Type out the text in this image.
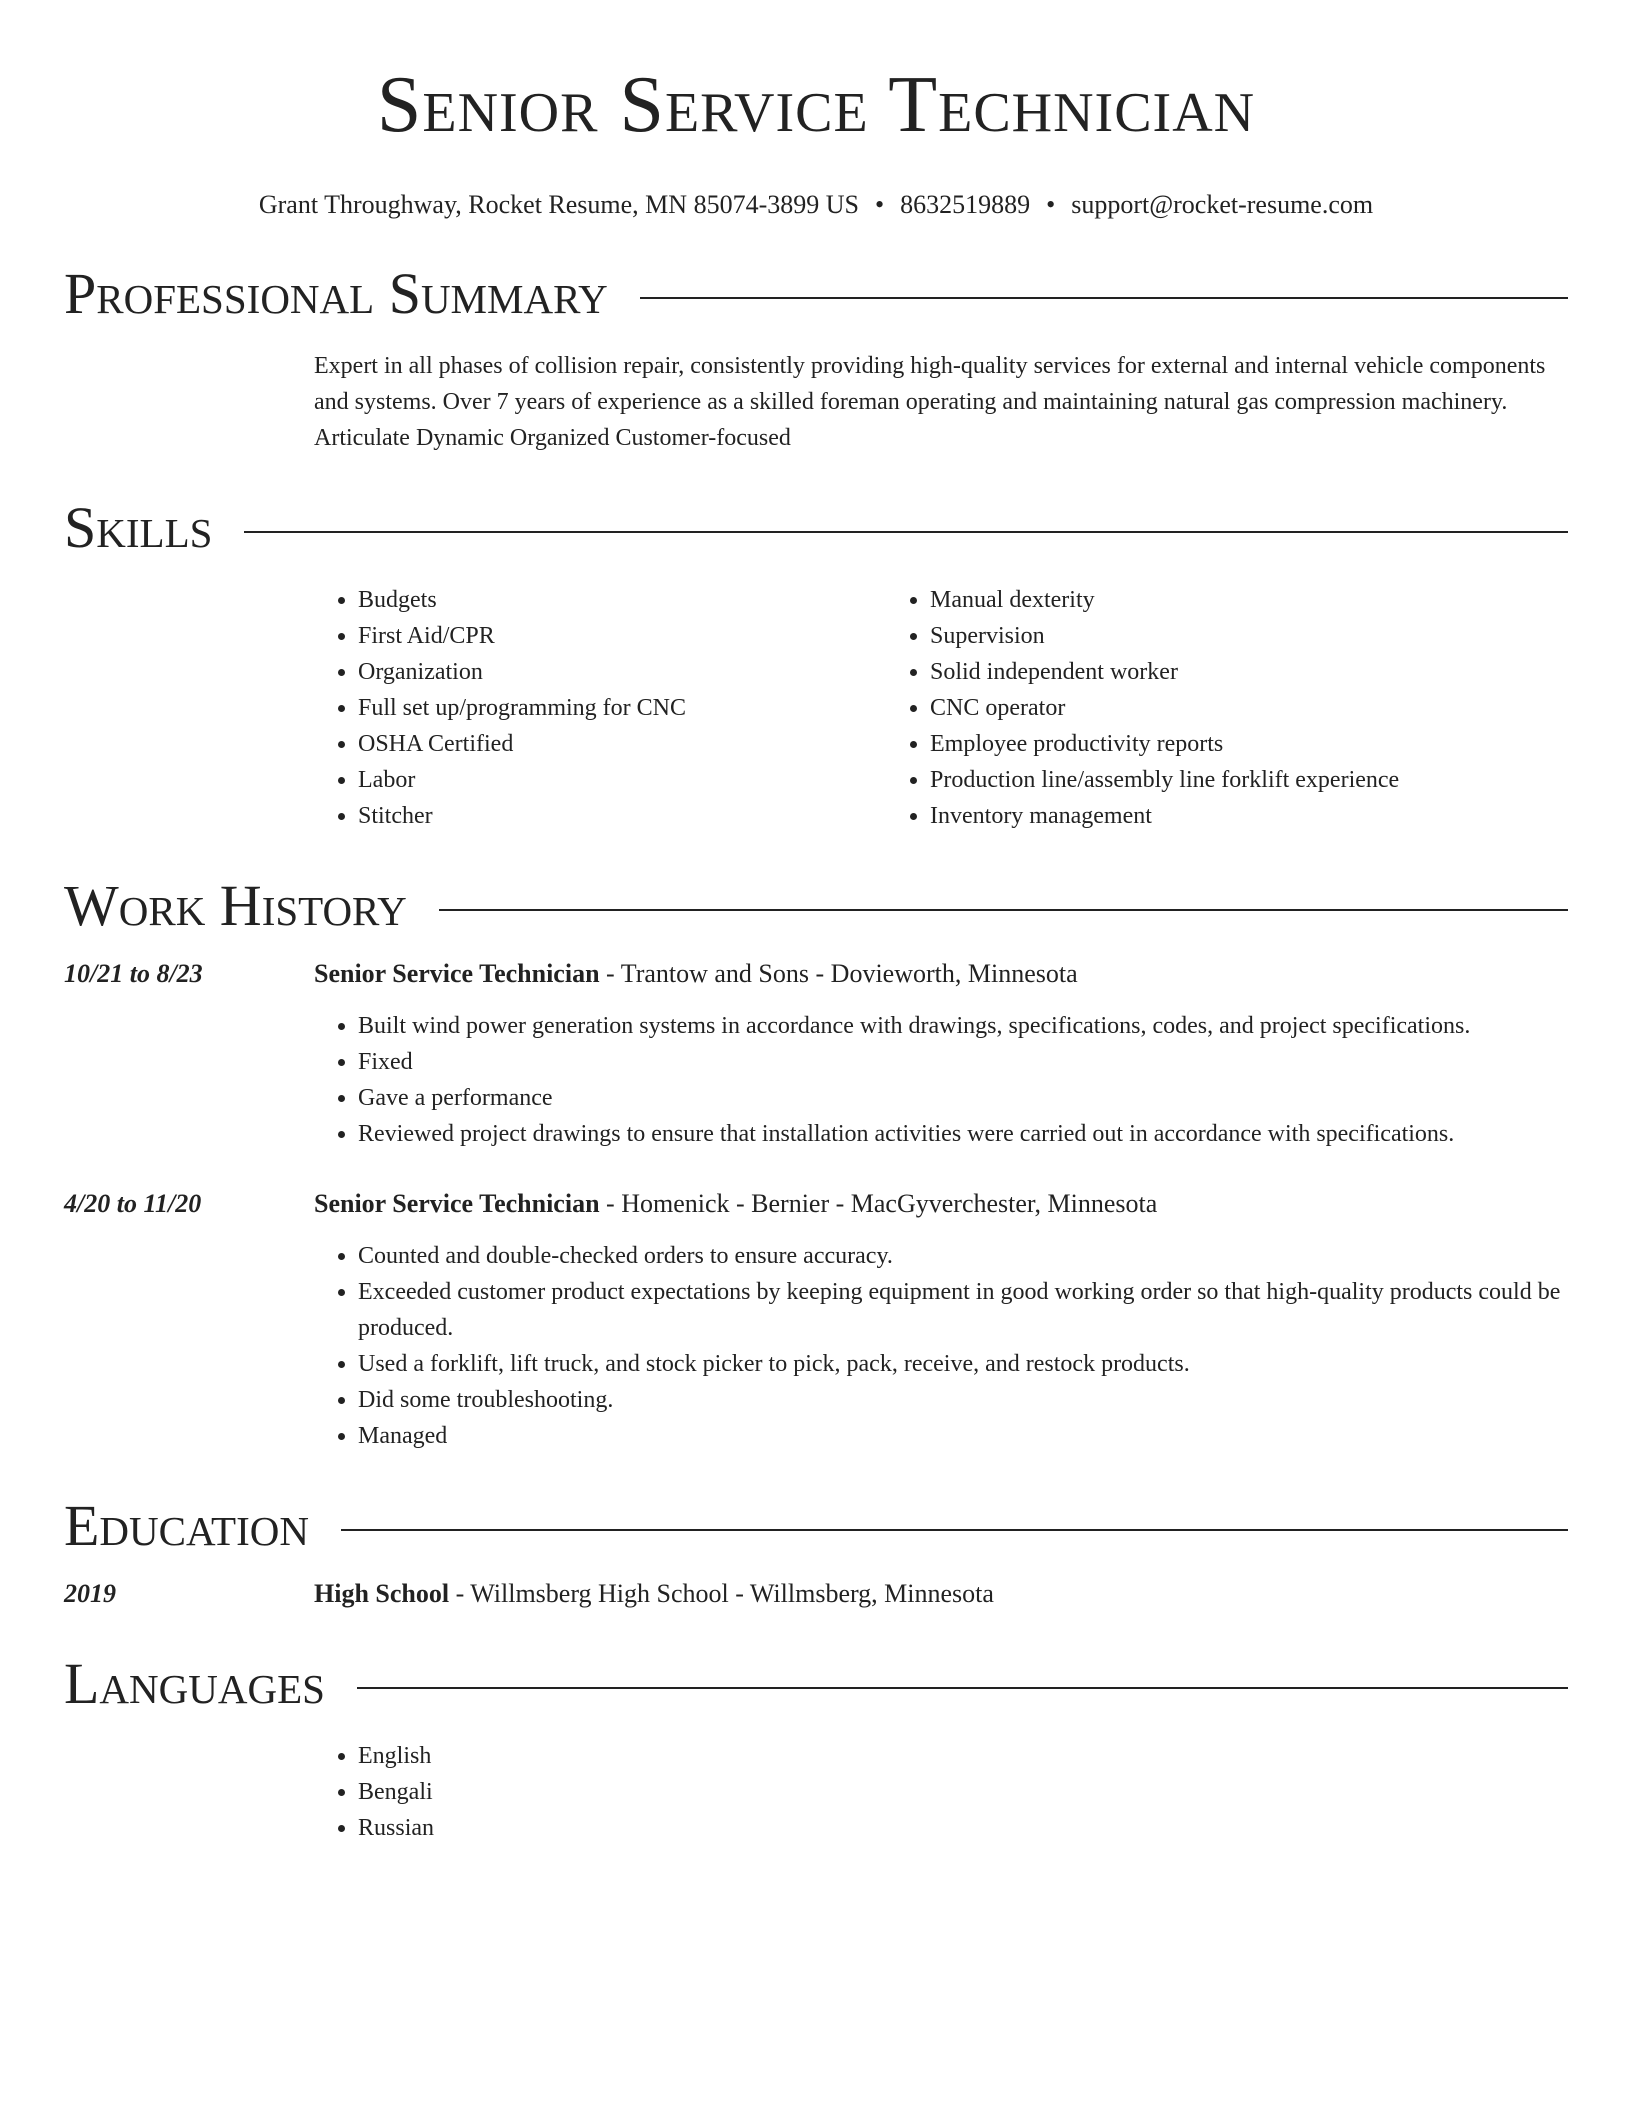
Senior Service Technician
Grant Throughway, Rocket Resume, MN 85074-3899 US • 8632519889 • support@rocket-resume.com
Professional Summary
Expert in all phases of collision repair, consistently providing high-quality services for external and internal vehicle components and systems. Over 7 years of experience as a skilled foreman operating and maintaining natural gas compression machinery. Articulate Dynamic Organized Customer-focused
Skills
• Budgets
• First Aid/CPR
• Organization
• Full set up/programming for CNC
• OSHA Certified
• Labor
• Stitcher
• Manual dexterity
• Supervision
• Solid independent worker
• CNC operator
• Employee productivity reports
• Production line/assembly line forklift experience
• Inventory management
Work History
10/21 to 8/23	Senior Service Technician - Trantow and Sons - Dovieworth, Minnesota
• Built wind power generation systems in accordance with drawings, specifications, codes, and project specifications.
• Fixed
• Gave a performance
• Reviewed project drawings to ensure that installation activities were carried out in accordance with specifications.
4/20 to 11/20	Senior Service Technician - Homenick - Bernier - MacGyverchester, Minnesota
• Counted and double-checked orders to ensure accuracy.
• Exceeded customer product expectations by keeping equipment in good working order so that high-quality products could be produced.
• Used a forklift, lift truck, and stock picker to pick, pack, receive, and restock products.
• Did some troubleshooting.
• Managed
Education
2019	High School - Willmsberg High School - Willmsberg, Minnesota
Languages
• English
• Bengali
• Russian
